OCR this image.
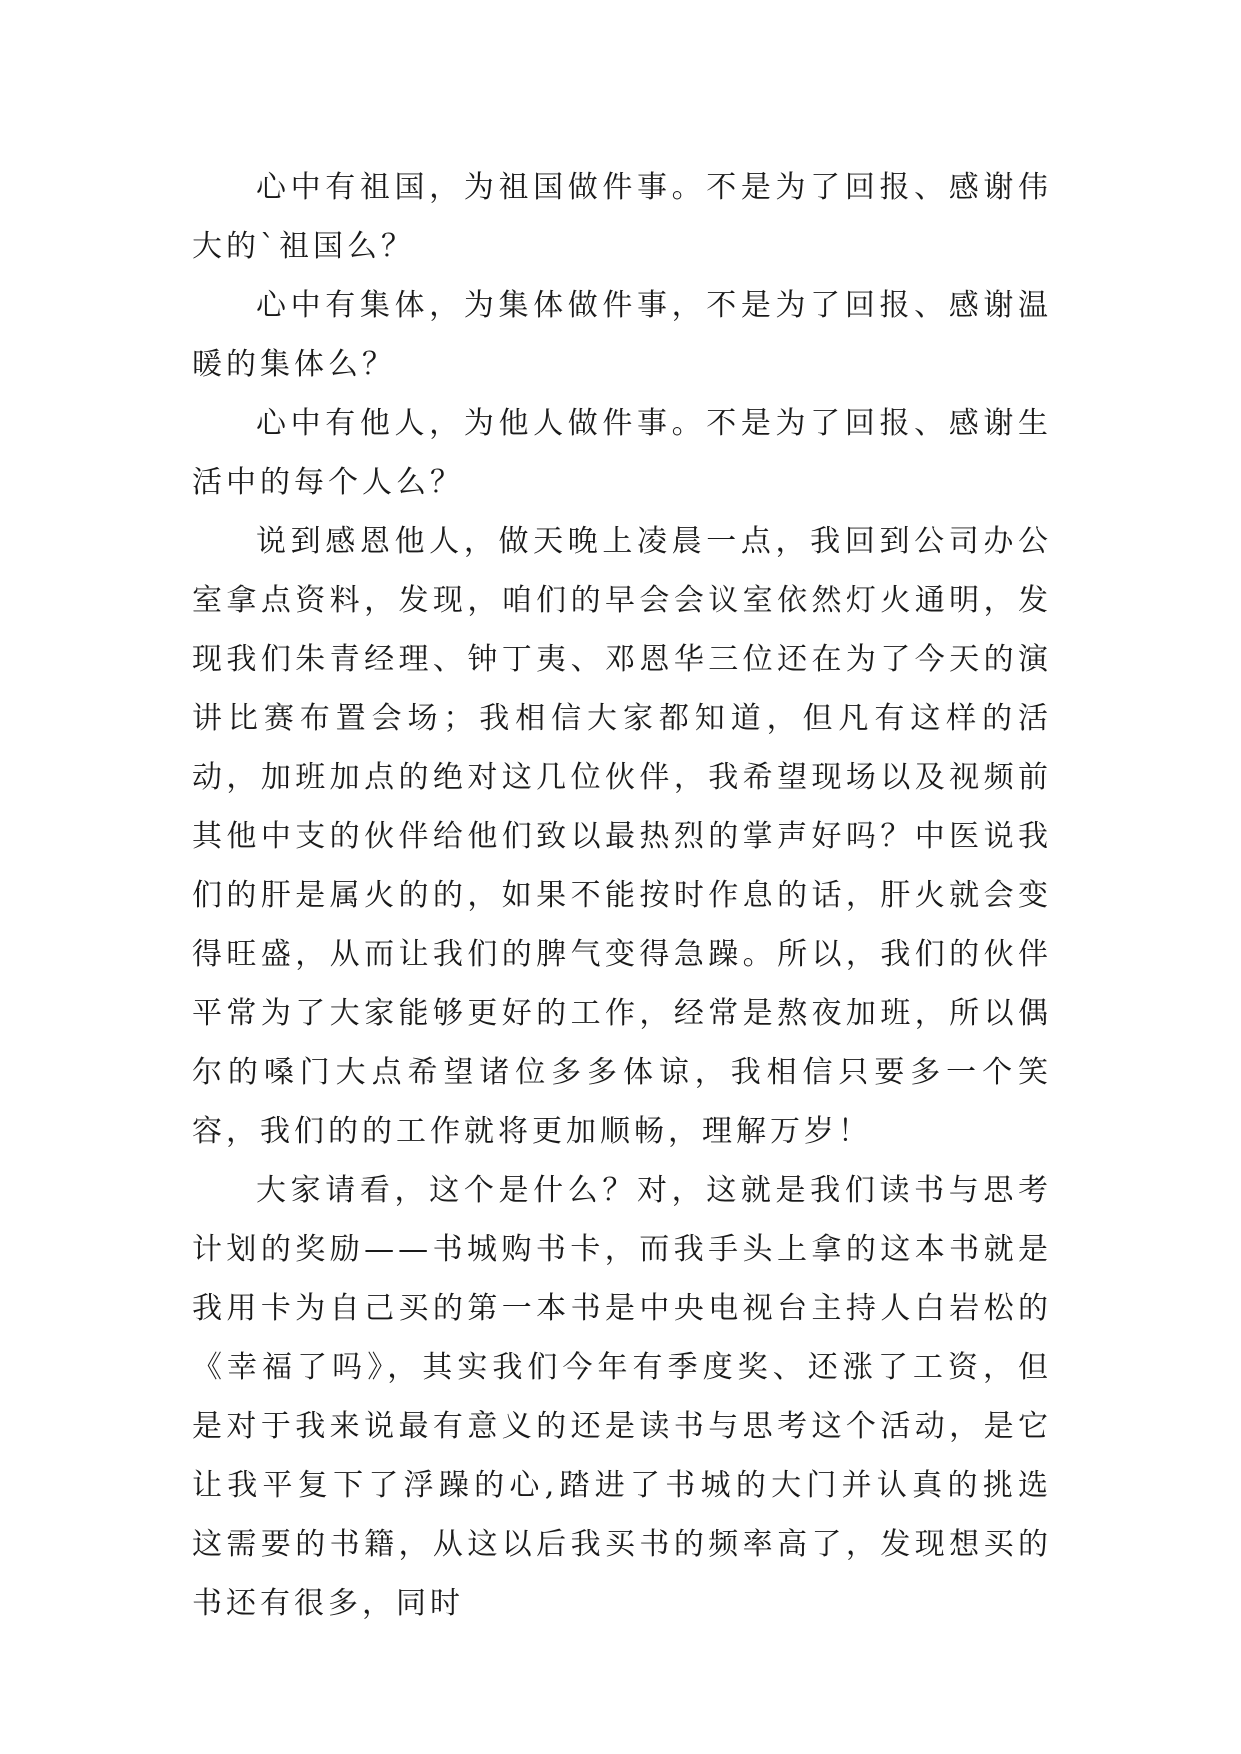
心中有祖国，为祖国做件事。不是为了回报、感谢伟大的`祖国么？

心中有集体，为集体做件事，不是为了回报、感谢温暖的集体么？

心中有他人，为他人做件事。不是为了回报、感谢生活中的每个人么？

说到感恩他人，做天晚上凌晨一点，我回到公司办公室拿点资料，发现，咱们的早会会议室依然灯火通明，发现我们朱青经理、钟丁夷、邓恩华三位还在为了今天的演讲比赛布置会场；我相信大家都知道，但凡有这样的活动，加班加点的绝对这几位伙伴，我希望现场以及视频前其他中支的伙伴给他们致以最热烈的掌声好吗？中医说我们的肝是属火的的，如果不能按时作息的话，肝火就会变得旺盛，从而让我们的脾气变得急躁。所以，我们的伙伴平常为了大家能够更好的工作，经常是熬夜加班，所以偶尔的嗓门大点希望诸位多多体谅，我相信只要多一个笑容，我们的的工作就将更加顺畅，理解万岁！

大家请看，这个是什么？对，这就是我们读书与思考计划的奖励——书城购书卡，而我手头上拿的这本书就是我用卡为自己买的第一本书是中央电视台主持人白岩松的《幸福了吗》，其实我们今年有季度奖、还涨了工资，但是对于我来说最有意义的还是读书与思考这个活动，是它让我平复下了浮躁的心,踏进了书城的大门并认真的挑选这需要的书籍，从这以后我买书的频率高了，发现想买的书还有很多，同时
